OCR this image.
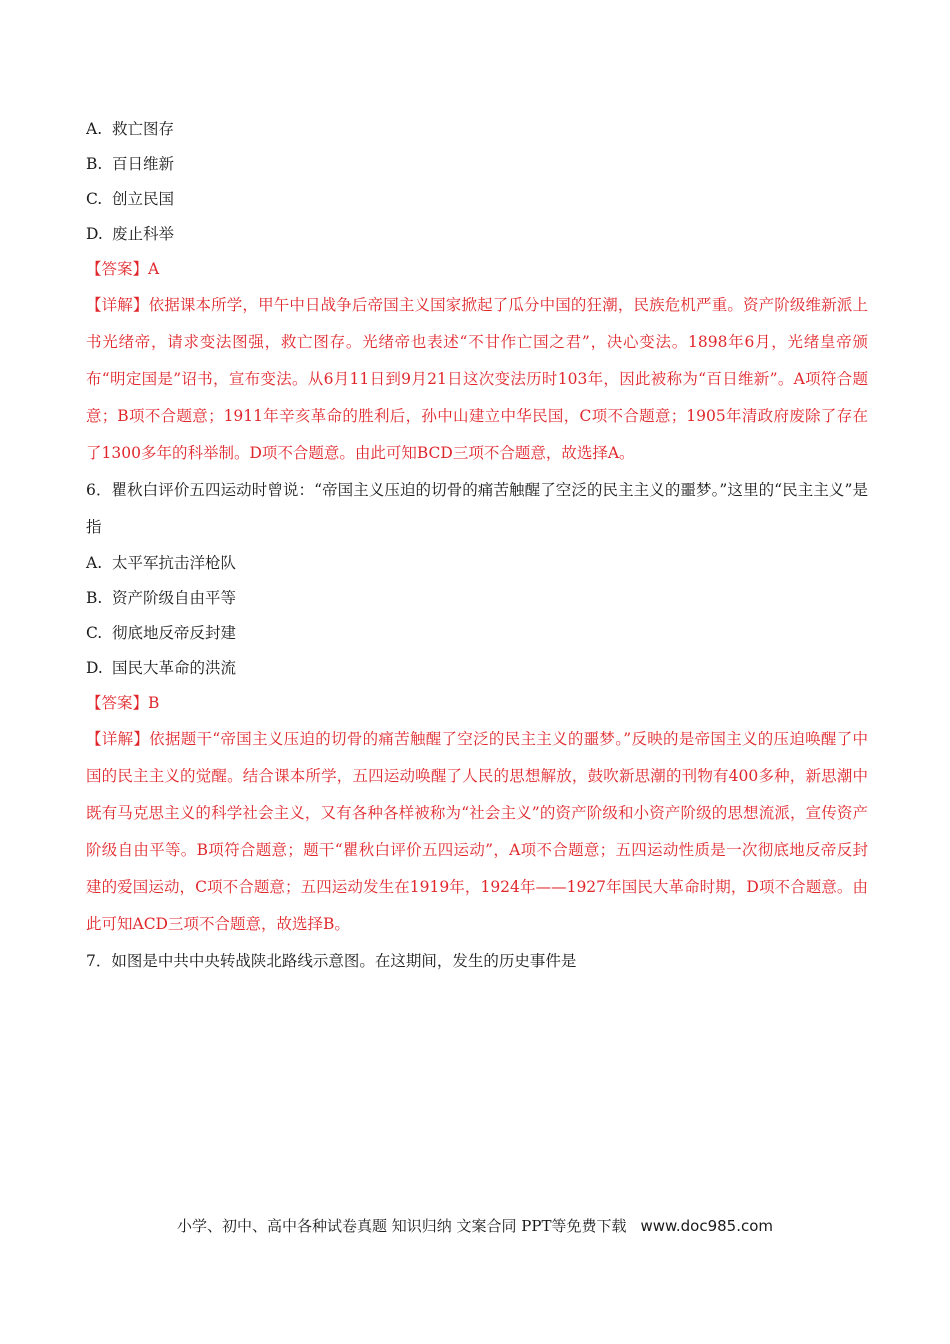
A. 救亡图存
B. 百日维新
C. 创立民国
D. 废止科举
【答案】A
【详解】依据课本所学，甲午中日战争后帝国主义国家掀起了瓜分中国的狂潮，民族危机严重。资产阶级维新派上书光绪帝，请求变法图强，救亡图存。光绪帝也表述“不甘作亡国之君”，决心变法。1898年6月，光绪皇帝颁布“明定国是”诏书，宣布变法。从6月11日到9月21日这次变法历时103年，因此被称为“百日维新”。A项符合题意；B项不合题意；1911年辛亥革命的胜利后，孙中山建立中华民国，C项不合题意；1905年清政府废除了存在了1300多年的科举制。D项不合题意。由此可知BCD三项不合题意，故选择A。
6．瞿秋白评价五四运动时曾说：“帝国主义压迫的切骨的痛苦触醒了空泛的民主主义的噩梦。”这里的“民主主义”是指
A. 太平军抗击洋枪队
B. 资产阶级自由平等
C. 彻底地反帝反封建
D. 国民大革命的洪流
【答案】B
【详解】依据题干“帝国主义压迫的切骨的痛苦触醒了空泛的民主主义的噩梦。”反映的是帝国主义的压迫唤醒了中国的民主主义的觉醒。结合课本所学，五四运动唤醒了人民的思想解放，鼓吹新思潮的刊物有400多种，新思潮中既有马克思主义的科学社会主义，又有各种各样被称为“社会主义”的资产阶级和小资产阶级的思想流派，宣传资产阶级自由平等。B项符合题意；题干“瞿秋白评价五四运动”，A项不合题意；五四运动性质是一次彻底地反帝反封建的爱国运动，C项不合题意；五四运动发生在1919年，1924年——1927年国民大革命时期，D项不合题意。由此可知ACD三项不合题意，故选择B。
7．如图是中共中央转战陕北路线示意图。在这期间，发生的历史事件是
小学、初中、高中各种试卷真题 知识归纳 文案合同 PPT等免费下载 www.doc985.com
